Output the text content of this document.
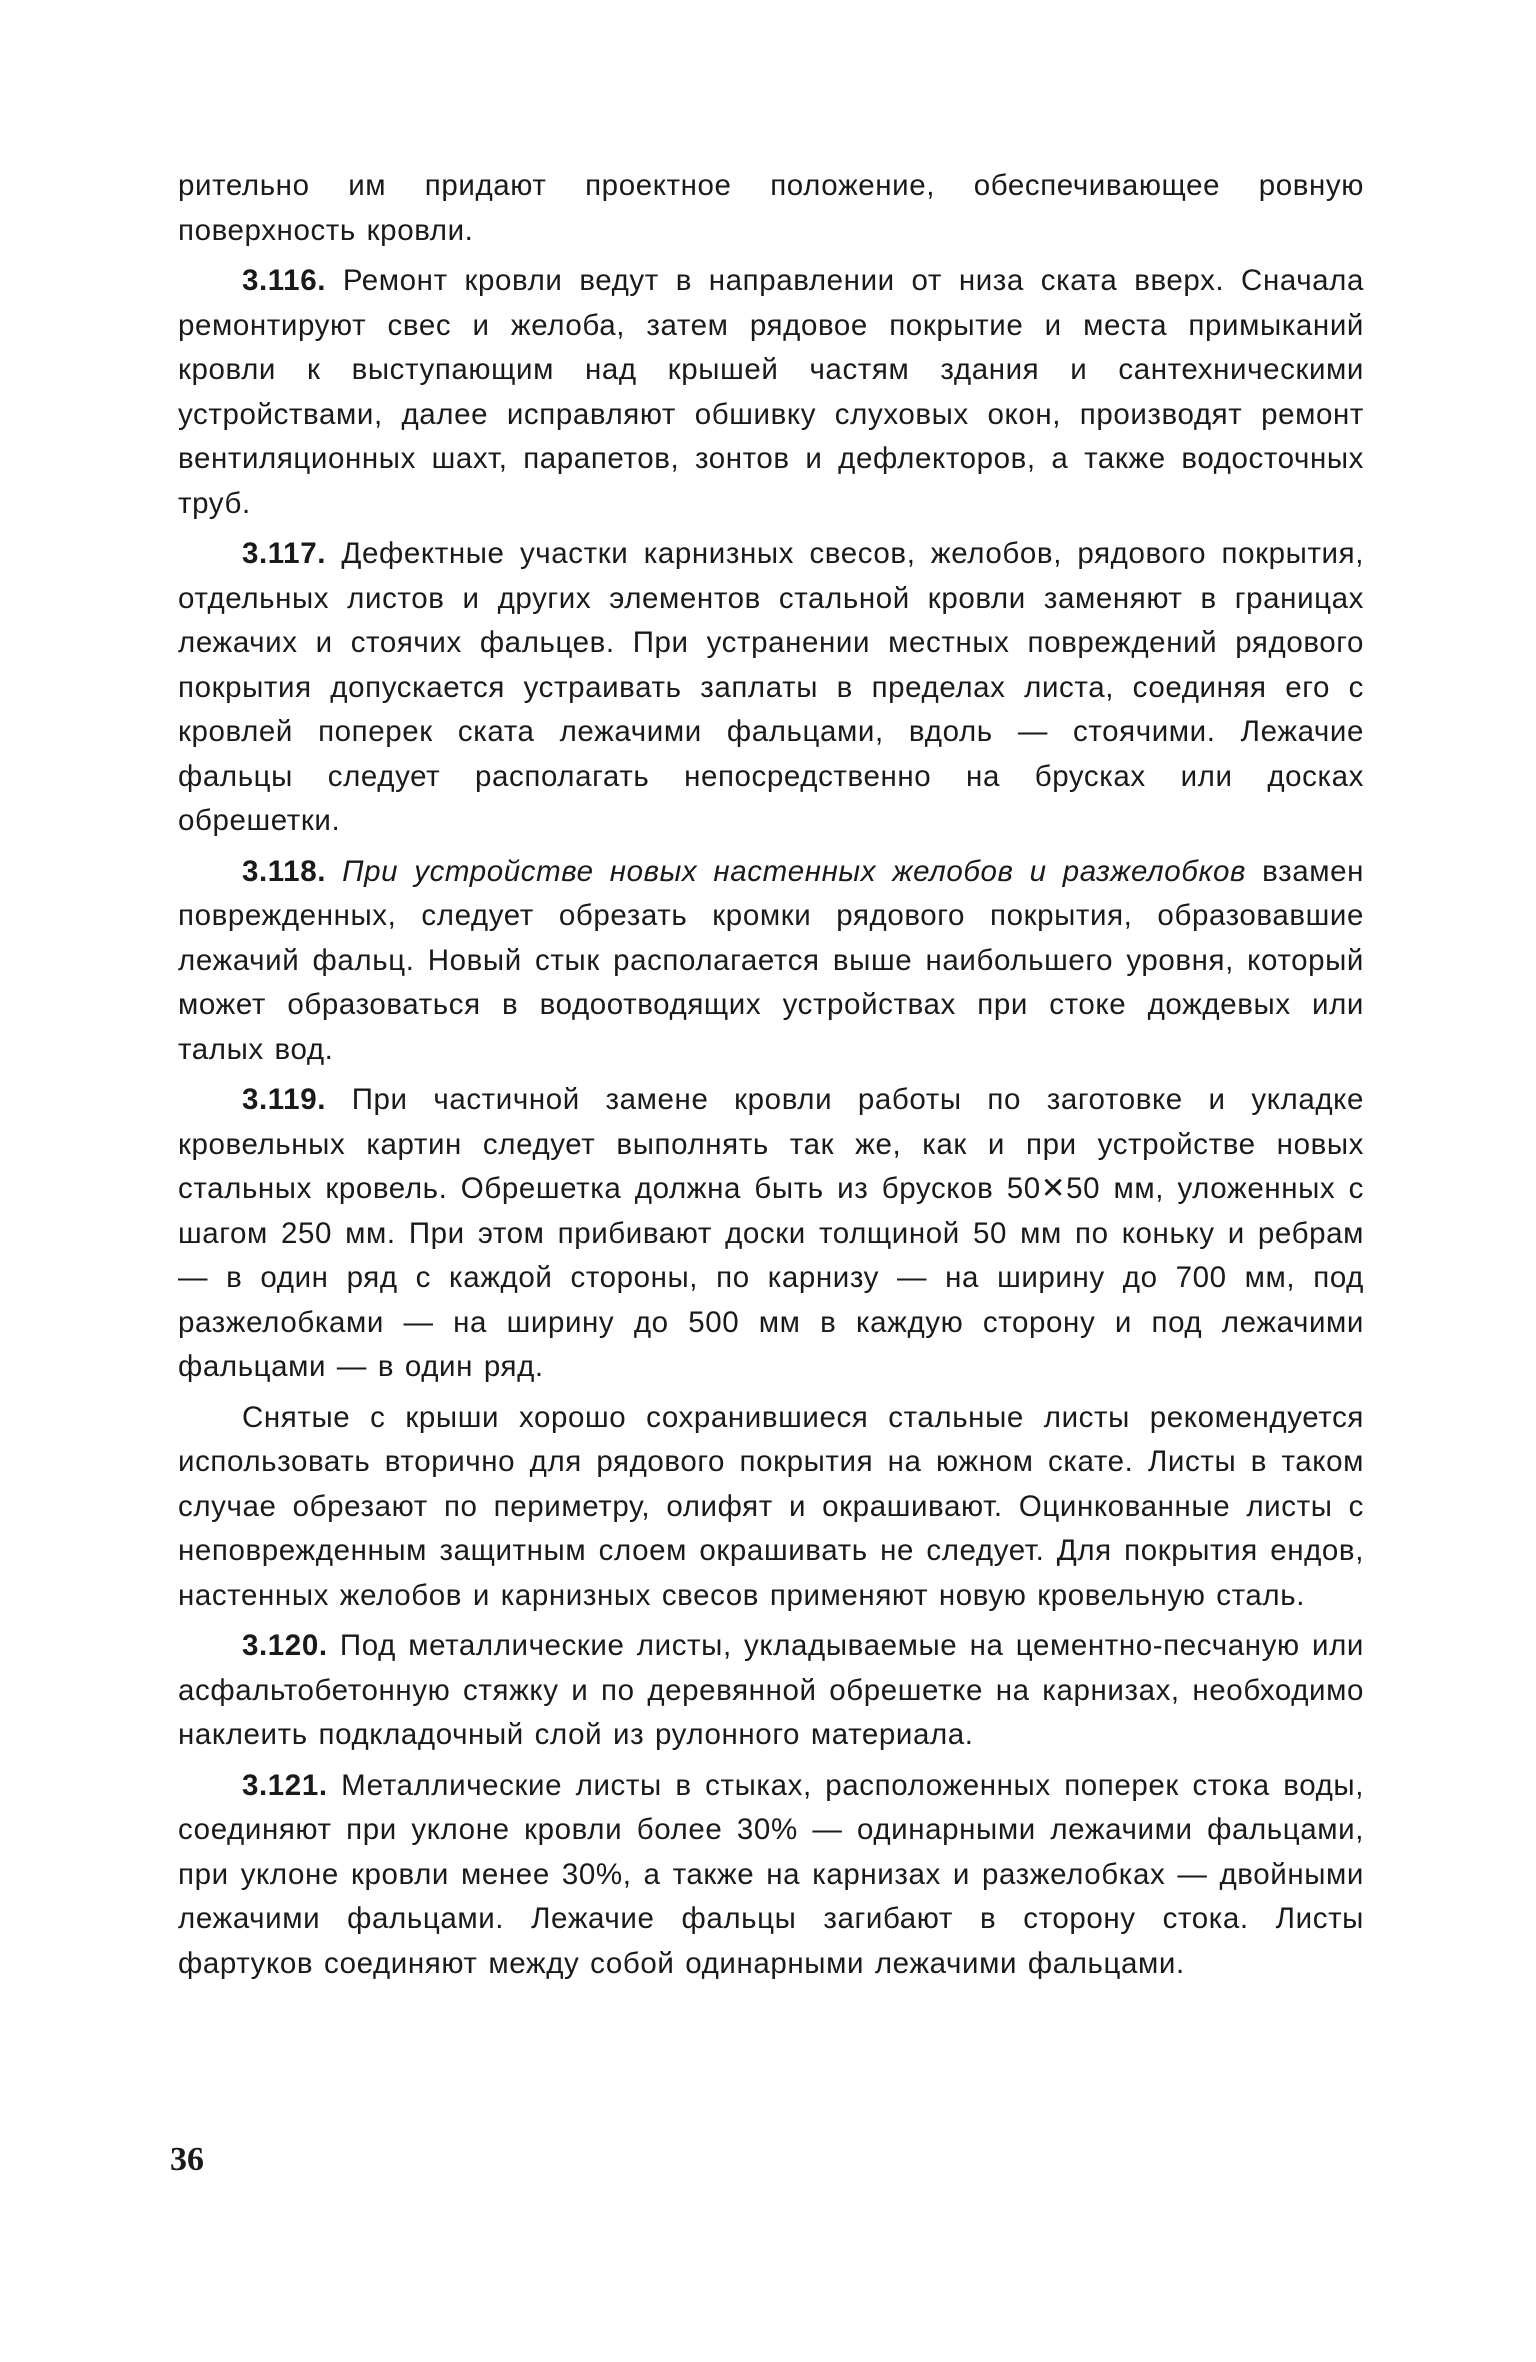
рительно им придают проектное положение, обеспечивающее ровную поверхность кровли.

3.116. Ремонт кровли ведут в направлении от низа ската вверх. Сначала ремонтируют свес и желоба, затем рядовое покрытие и места примыканий кровли к выступающим над крышей частям здания и сантехническими устройствами, далее исправляют обшивку слуховых окон, производят ремонт вентиляционных шахт, парапетов, зонтов и дефлекторов, а также водосточных труб.

3.117. Дефектные участки карнизных свесов, желобов, рядового покрытия, отдельных листов и других элементов стальной кровли заменяют в границах лежачих и стоячих фальцев. При устранении местных повреждений рядового покрытия допускается устраивать заплаты в пределах листа, соединяя его с кровлей поперек ската лежачими фальцами, вдоль — стоячими. Лежачие фальцы следует располагать непосредственно на брусках или досках обрешетки.

3.118. При устройстве новых настенных желобов и разжелобков взамен поврежденных, следует обрезать кромки рядового покрытия, образовавшие лежачий фальц. Новый стык располагается выше наибольшего уровня, который может образоваться в водоотводящих устройствах при стоке дождевых или талых вод.

3.119. При частичной замене кровли работы по заготовке и укладке кровельных картин следует выполнять так же, как и при устройстве новых стальных кровель. Обрешетка должна быть из брусков 50✕50 мм, уложенных с шагом 250 мм. При этом прибивают доски толщиной 50 мм по коньку и ребрам — в один ряд с каждой стороны, по карнизу — на ширину до 700 мм, под разжелобками — на ширину до 500 мм в каждую сторону и под лежачими фальцами — в один ряд.

Снятые с крыши хорошо сохранившиеся стальные листы рекомендуется использовать вторично для рядового покрытия на южном скате. Листы в таком случае обрезают по периметру, олифят и окрашивают. Оцинкованные листы с неповрежденным защитным слоем окрашивать не следует. Для покрытия ендов, настенных желобов и карнизных свесов применяют новую кровельную сталь.

3.120. Под металлические листы, укладываемые на цементно-песчаную или асфальтобетонную стяжку и по деревянной обрешетке на карнизах, необходимо наклеить подкладочный слой из рулонного материала.

3.121. Металлические листы в стыках, расположенных поперек стока воды, соединяют при уклоне кровли более 30% — одинарными лежачими фальцами, при уклоне кровли менее 30%, а также на карнизах и разжелобках — двойными лежачими фальцами. Лежачие фальцы загибают в сторону стока. Листы фартуков соединяют между собой одинарными лежачими фальцами.

36
